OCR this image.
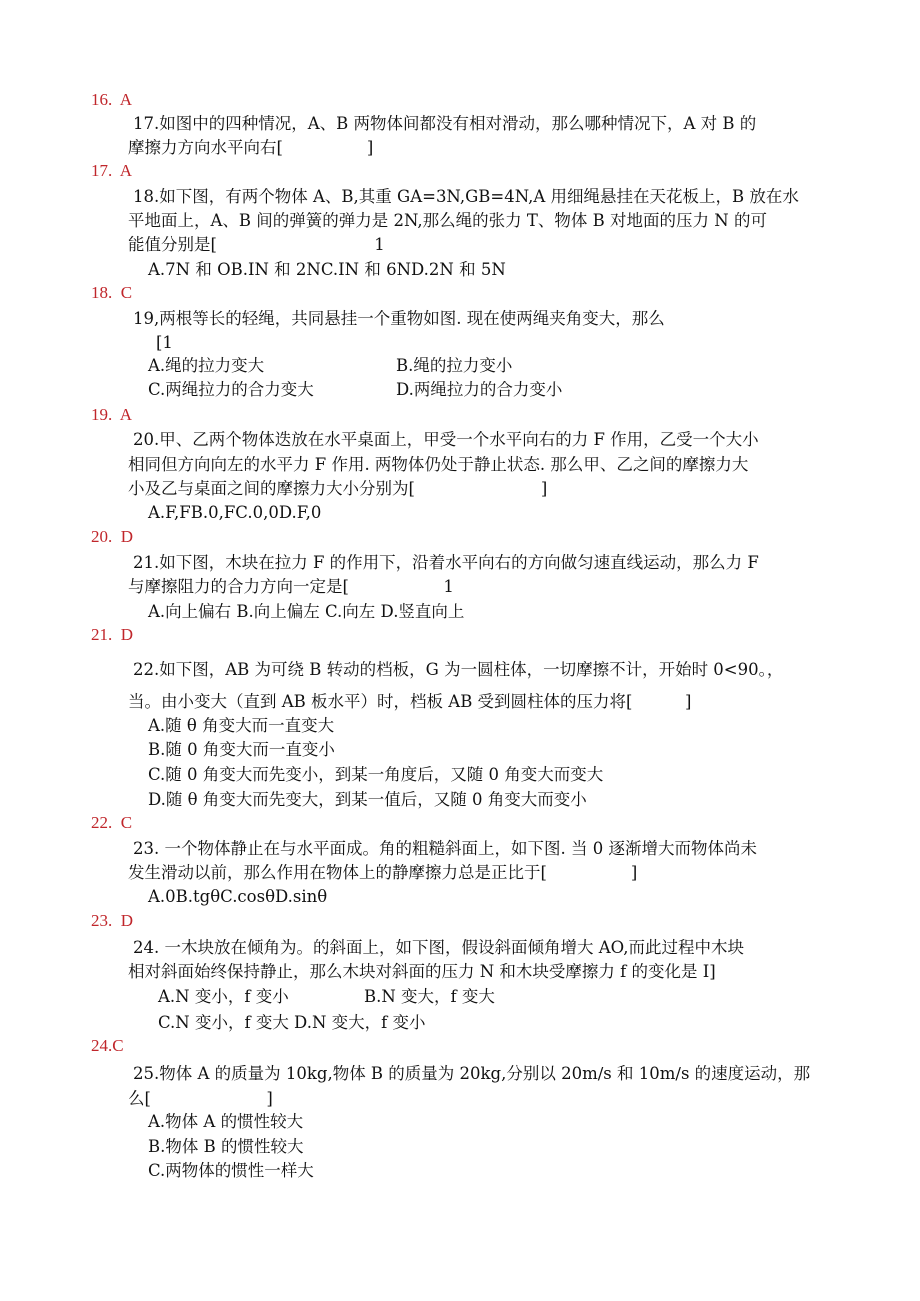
16.  A
17.如图中的四种情况，A、B 两物体间都没有相对滑动，那么哪种情况下，A 对 B 的
摩擦力方向水平向右[                ]
17.  A
18.如下图，有两个物体 A、B,其重 GA=3N,GB=4N,A 用细绳悬挂在天花板上，B 放在水
平地面上，A、B 间的弹簧的弹力是 2N,那么绳的张力 T、物体 B 对地面的压力 N 的可
能值分别是[                              1
A.7N 和 OB.IN 和 2NC.IN 和 6ND.2N 和 5N
18.  C
19,两根等长的轻绳，共同悬挂一个重物如图. 现在使两绳夹角变大，那么
[1
A.绳的拉力变大	B.绳的拉力变小
C.两绳拉力的合力变大	D.两绳拉力的合力变小
19.  A
20.甲、乙两个物体迭放在水平桌面上，甲受一个水平向右的力 F 作用，乙受一个大小
相同但方向向左的水平力 F 作用. 两物体仍处于静止状态. 那么甲、乙之间的摩擦力大
小及乙与桌面之间的摩擦力大小分别为[                        ]
A.F,FB.0,FC.0,0D.F,0
20.  D
21.如下图，木块在拉力 F 的作用下，沿着水平向右的方向做匀速直线运动，那么力 F
与摩擦阻力的合力方向一定是[                  1
A.向上偏右 B.向上偏左 C.向左 D.竖直向上
21.  D
22.如下图，AB 为可绕 B 转动的档板，G 为一圆柱体，一切摩擦不计，开始时 0<90。，
当。由小变大（直到 AB 板水平）时，档板 AB 受到圆柱体的压力将[          ]
A.随 θ 角变大而一直变大
B.随 0 角变大而一直变小
C.随 0 角变大而先变小，到某一角度后，又随 0 角变大而变大
D.随 θ 角变大而先变大，到某一值后，又随 0 角变大而变小
22.  C
23. 一个物体静止在与水平面成。角的粗糙斜面上，如下图. 当 0 逐渐增大而物体尚未
发生滑动以前，那么作用在物体上的静摩擦力总是正比于[                ]
A.0B.tgθC.cosθD.sinθ
23.  D
24. 一木块放在倾角为。的斜面上，如下图，假设斜面倾角增大 AO,而此过程中木块
相对斜面始终保持静止，那么木块对斜面的压力 N 和木块受摩擦力 f 的变化是 I]
A.N 变小，f 变小	B.N 变大，f 变大
C.N 变小，f 变大 D.N 变大，f 变小
24.C
25.物体 A 的质量为 10kg,物体 B 的质量为 20kg,分别以 20m∕s 和 10m∕s 的速度运动，那
么[                      ]
A.物体 A 的惯性较大
B.物体 B 的惯性较大
C.两物体的惯性一样大
